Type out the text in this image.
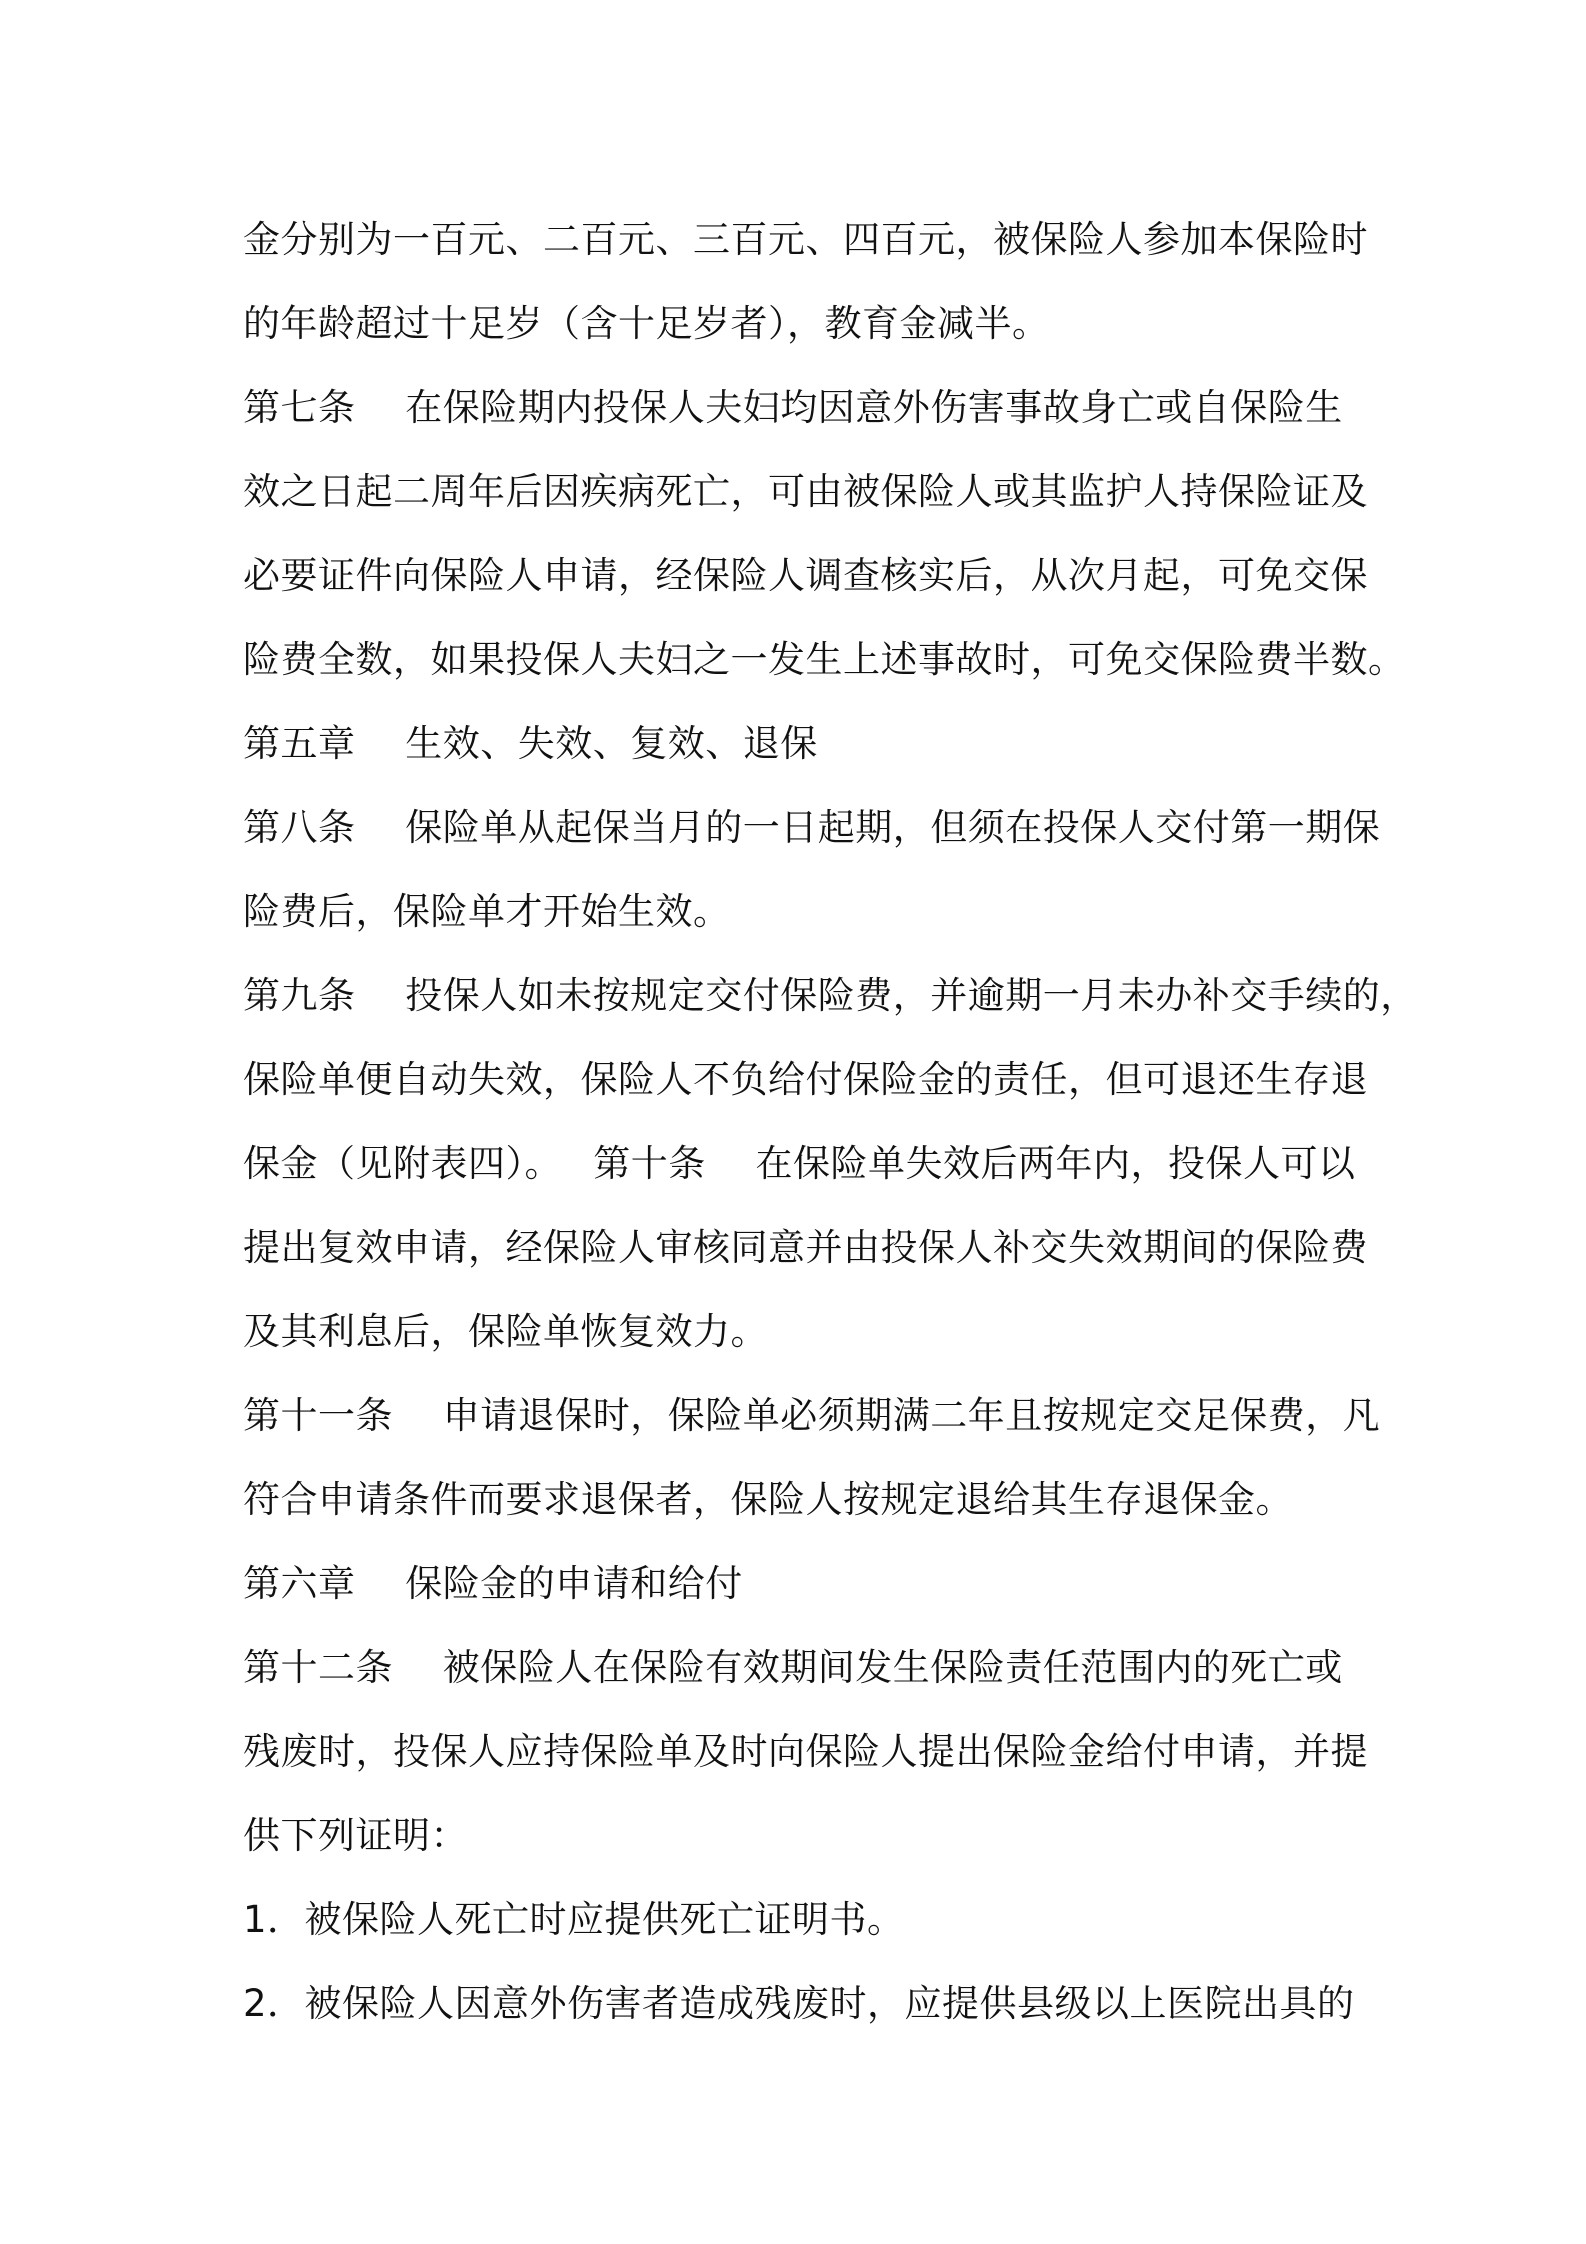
金分别为一百元、二百元、三百元、四百元，被保险人参加本保险时
的年龄超过十足岁（含十足岁者），教育金减半。
第七条　 在保险期内投保人夫妇均因意外伤害事故身亡或自保险生
效之日起二周年后因疾病死亡，可由被保险人或其监护人持保险证及
必要证件向保险人申请，经保险人调查核实后，从次月起，可免交保
险费全数，如果投保人夫妇之一发生上述事故时，可免交保险费半数。
第五章　 生效、失效、复效、退保
第八条　 保险单从起保当月的一日起期，但须在投保人交付第一期保
险费后，保险单才开始生效。
第九条　 投保人如未按规定交付保险费，并逾期一月未办补交手续的，
保险单便自动失效，保险人不负给付保险金的责任，但可退还生存退
保金（见附表四）。　 第十条　 在保险单失效后两年内，投保人可以
提出复效申请，经保险人审核同意并由投保人补交失效期间的保险费
及其利息后，保险单恢复效力。
第十一条　 申请退保时，保险单必须期满二年且按规定交足保费，凡
符合申请条件而要求退保者，保险人按规定退给其生存退保金。
第六章　 保险金的申请和给付
第十二条　 被保险人在保险有效期间发生保险责任范围内的死亡或
残废时，投保人应持保险单及时向保险人提出保险金给付申请，并提
供下列证明：
1．被保险人死亡时应提供死亡证明书。
2．被保险人因意外伤害者造成残废时，应提供县级以上医院出具的
